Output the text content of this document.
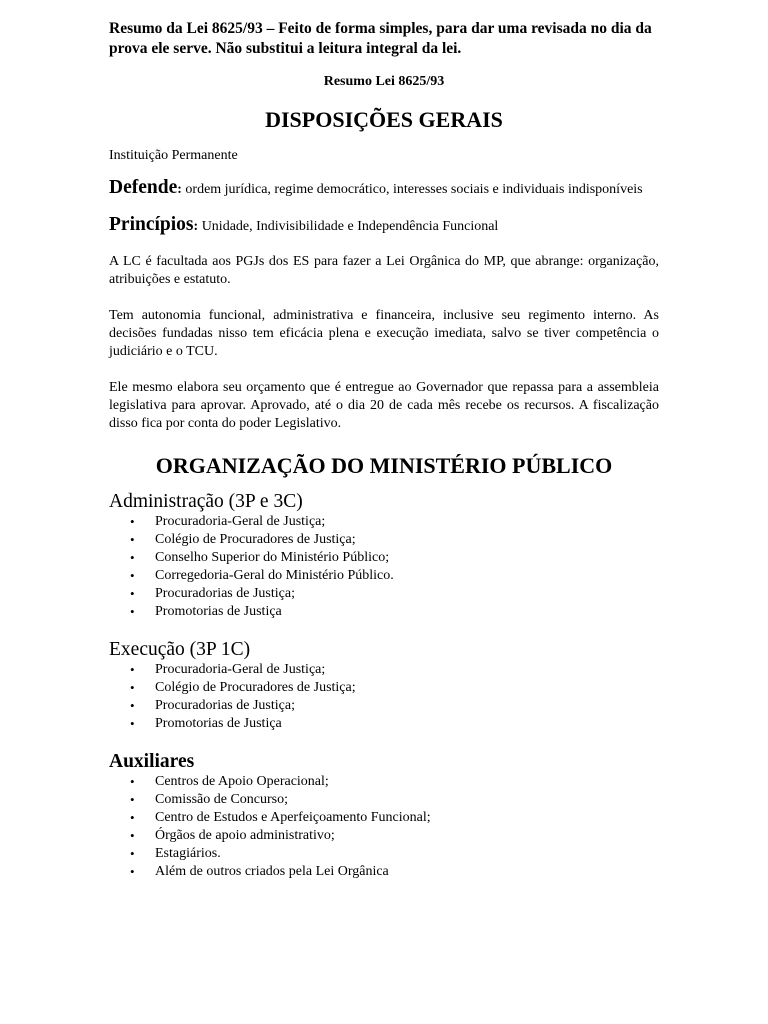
Resumo da Lei 8625/93 – Feito de forma simples, para dar uma revisada no dia da prova ele serve. Não substitui a leitura integral da lei.

Resumo Lei 8625/93

DISPOSIÇÕES GERAIS

Instituição Permanente

Defende: ordem jurídica, regime democrático, interesses sociais e individuais indisponíveis

Princípios: Unidade, Indivisibilidade e Independência Funcional

A LC é facultada aos PGJs dos ES para fazer a Lei Orgânica do MP, que abrange: organização, atribuições e estatuto.

Tem autonomia funcional, administrativa e financeira, inclusive seu regimento interno. As decisões fundadas nisso tem eficácia plena e execução imediata, salvo se tiver competência o judiciário e o TCU.

Ele mesmo elabora seu orçamento que é entregue ao Governador que repassa para a assembleia legislativa para aprovar. Aprovado, até o dia 20 de cada mês recebe os recursos. A fiscalização disso fica por conta do poder Legislativo.

ORGANIZAÇÃO DO MINISTÉRIO PÚBLICO
Administração (3P e 3C)
• Procuradoria-Geral de Justiça;
• Colégio de Procuradores de Justiça;
• Conselho Superior do Ministério Público;
• Corregedoria-Geral do Ministério Público.
• Procuradorias de Justiça;
• Promotorias de Justiça
Execução (3P 1C)
• Procuradoria-Geral de Justiça;
• Colégio de Procuradores de Justiça;
• Procuradorias de Justiça;
• Promotorias de Justiça
Auxiliares
• Centros de Apoio Operacional;
• Comissão de Concurso;
• Centro de Estudos e Aperfeiçoamento Funcional;
• Órgãos de apoio administrativo;
• Estagiários.
• Além de outros criados pela Lei Orgânica
